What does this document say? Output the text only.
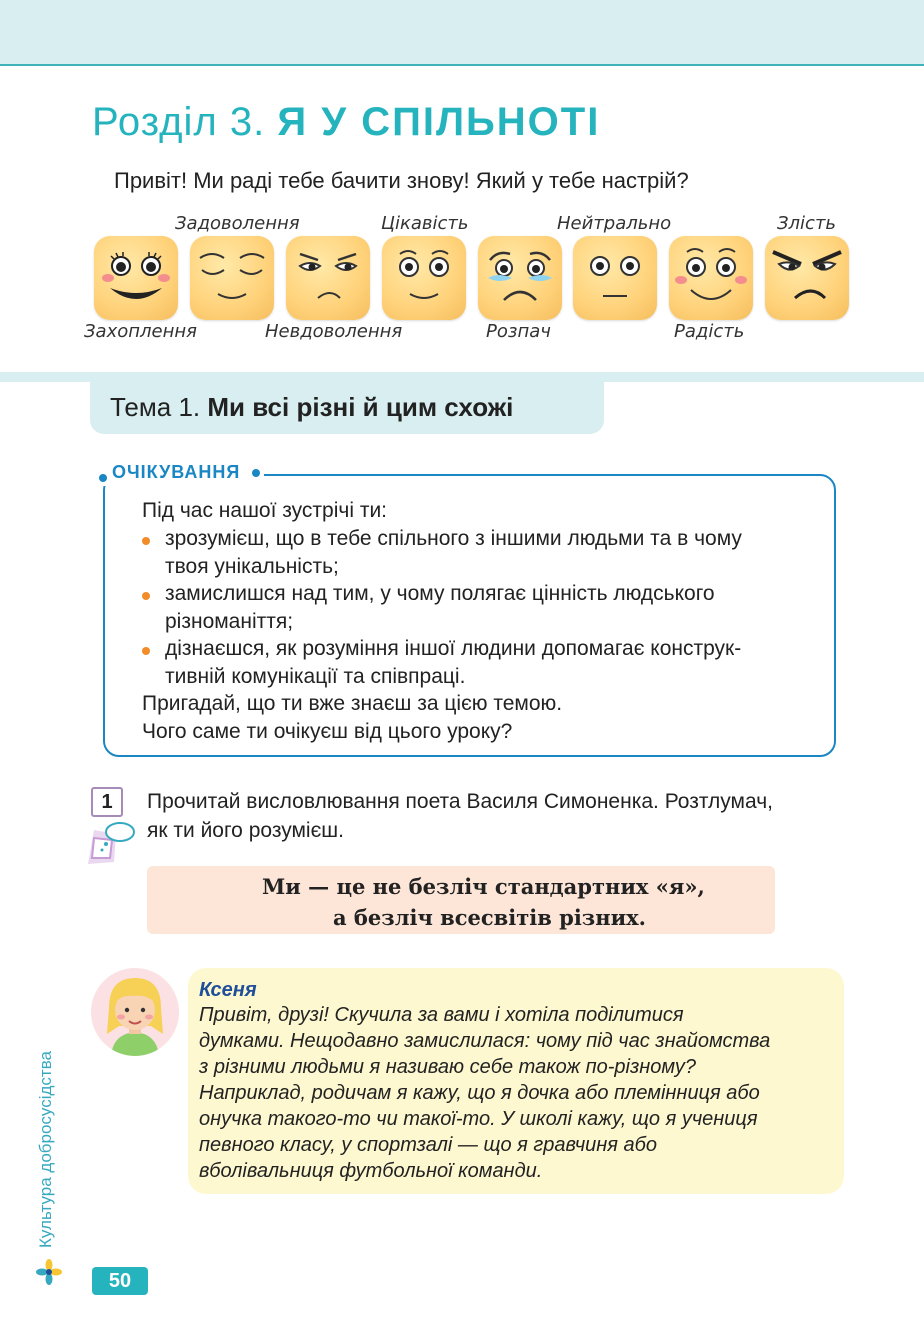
Розділ 3. Я У СПІЛЬНОТІ
Привіт! Ми раді тебе бачити знову! Який у тебе настрій?
Захоплення
Задоволення
Невдоволення
Цікавість
Розпач
Нейтрально
Радість
Злість
Тема 1. Ми всі різні й цим схожі
ОЧІКУВАННЯ
Під час нашої зустрічі ти:
зрозумієш, що в тебе спільного з іншими людьми та в чому
твоя унікальність;
замислишся над тим, у чому полягає цінність людського
різноманіття;
дізнаєшся, як розуміння іншої людини допомагає конструк-
тивній комунікації та співпраці.
Пригадай, що ти вже знаєш за цією темою.
Чого саме ти очікуєш від цього уроку?
1	Прочитай висловлювання поета Василя Симоненка. Розтлумач,
як ти його розумієш.
Ми — це не безліч стандартних «я»,
а безліч всесвітів різних.
Ксеня
Привіт, друзі! Скучила за вами і хотіла поділитися
думками. Нещодавно замислилася: чому під час знайомства
з різними людьми я називаю себе також по-різному?
Наприклад, родичам я кажу, що я дочка або племінниця або
онучка такого-то чи такої-то. У школі кажу, що я учениця
певного класу, у спортзалі — що я гравчиня або
вболівальниця футбольної команди.
Культура добросусідства
50
